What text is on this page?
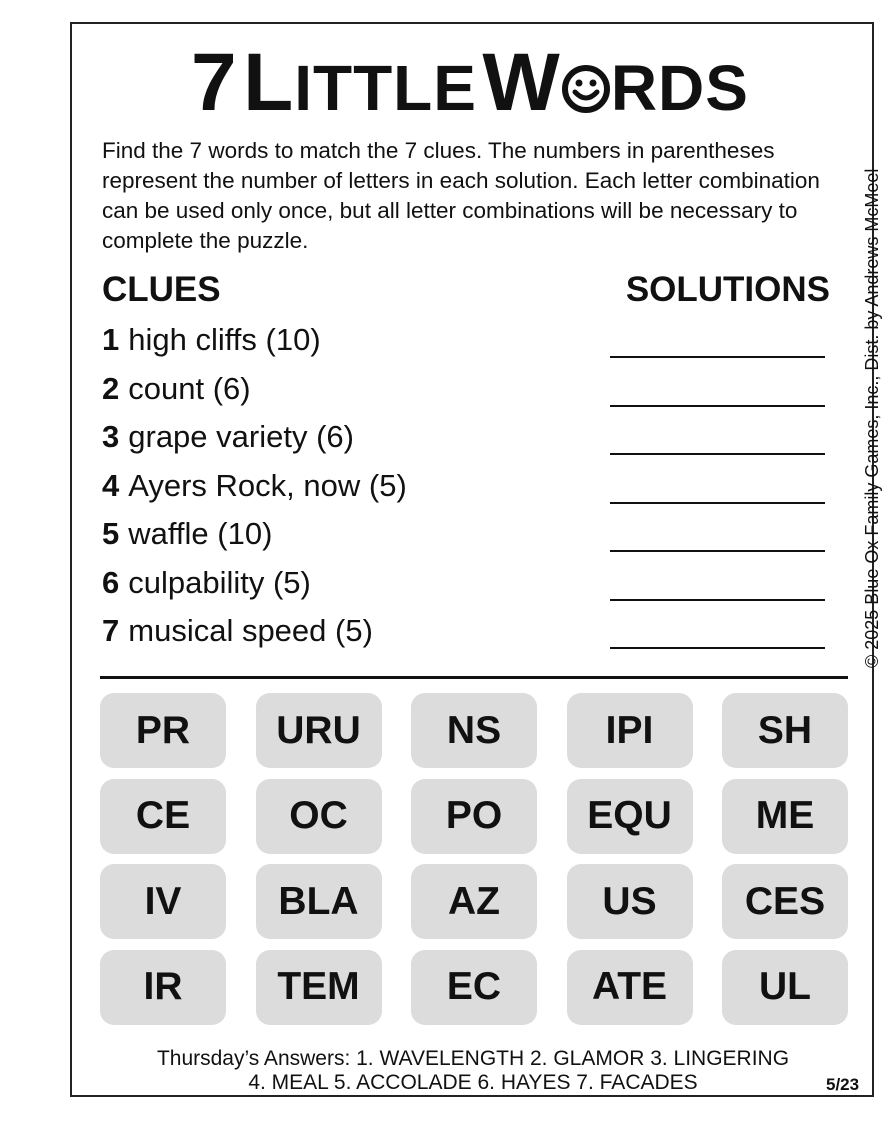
7 LITTLE W RDS

Find the 7 words to match the 7 clues. The numbers in parentheses represent the number of letters in each solution. Each letter combination can be used only once, but all letter combinations will be necessary to complete the puzzle.

CLUES	SOLUTIONS
1 high cliffs (10)
2 count (6)
3 grape variety (6)
4 Ayers Rock, now (5)
5 waffle (10)
6 culpability (5)
7 musical speed (5)	© 2025 Blue Ox Family Games, Inc., Dist. by Andrews McMeel
PR	URU	NS	IPI	SH
CE	OC	PO	EQU	ME
IV	BLA	AZ	US	CES
IR	TEM	EC	ATE	UL
Thursday’s Answers: 1. WAVELENGTH 2. GLAMOR 3. LINGERING
4. MEAL 5. ACCOLADE 6. HAYES 7. FACADES	5/23
